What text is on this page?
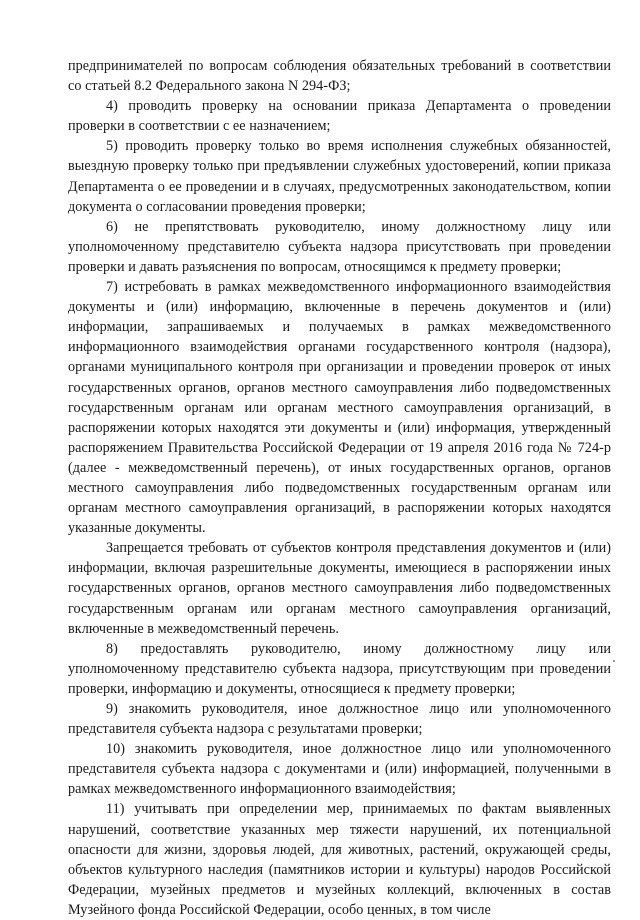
предпринимателей по вопросам соблюдения обязательных требований в соответствии со статьей 8.2 Федерального закона N 294-ФЗ;

4) проводить проверку на основании приказа Департамента о проведении проверки в соответствии с ее назначением;

5) проводить проверку только во время исполнения служебных обязанностей, выездную проверку только при предъявлении служебных удостоверений, копии приказа Департамента о ее проведении и в случаях, предусмотренных законодательством, копии документа о согласовании проведения проверки;

6) не препятствовать руководителю, иному должностному лицу или уполномоченному представителю субъекта надзора присутствовать при проведении проверки и давать разъяснения по вопросам, относящимся к предмету проверки;

7) истребовать в рамках межведомственного информационного взаимодействия документы и (или) информацию, включенные в перечень документов и (или) информации, запрашиваемых и получаемых в рамках межведомственного информационного взаимодействия органами государственного контроля (надзора), органами муниципального контроля при организации и проведении проверок от иных государственных органов, органов местного самоуправления либо подведомственных государственным органам или органам местного самоуправления организаций, в распоряжении которых находятся эти документы и (или) информация, утвержденный распоряжением Правительства Российской Федерации от 19 апреля 2016 года № 724-р (далее - межведомственный перечень), от иных государственных органов, органов местного самоуправления либо подведомственных государственным органам или органам местного самоуправления организаций, в распоряжении которых находятся указанные документы.

Запрещается требовать от субъектов контроля представления документов и (или) информации, включая разрешительные документы, имеющиеся в распоряжении иных государственных органов, органов местного самоуправления либо подведомственных государственным органам или органам местного самоуправления организаций, включенные в межведомственный перечень.

8) предоставлять руководителю, иному должностному лицу или уполномоченному представителю субъекта надзора, присутствующим при проведении проверки, информацию и документы, относящиеся к предмету проверки;

9) знакомить руководителя, иное должностное лицо или уполномоченного представителя субъекта надзора с результатами проверки;

10) знакомить руководителя, иное должностное лицо или уполномоченного представителя субъекта надзора с документами и (или) информацией, полученными в рамках межведомственного информационного взаимодействия;

11) учитывать при определении мер, принимаемых по фактам выявленных нарушений, соответствие указанных мер тяжести нарушений, их потенциальной опасности для жизни, здоровья людей, для животных, растений, окружающей среды, объектов культурного наследия (памятников истории и культуры) народов Российской Федерации, музейных предметов и музейных коллекций, включенных в состав Музейного фонда Российской Федерации, особо ценных, в том числе
